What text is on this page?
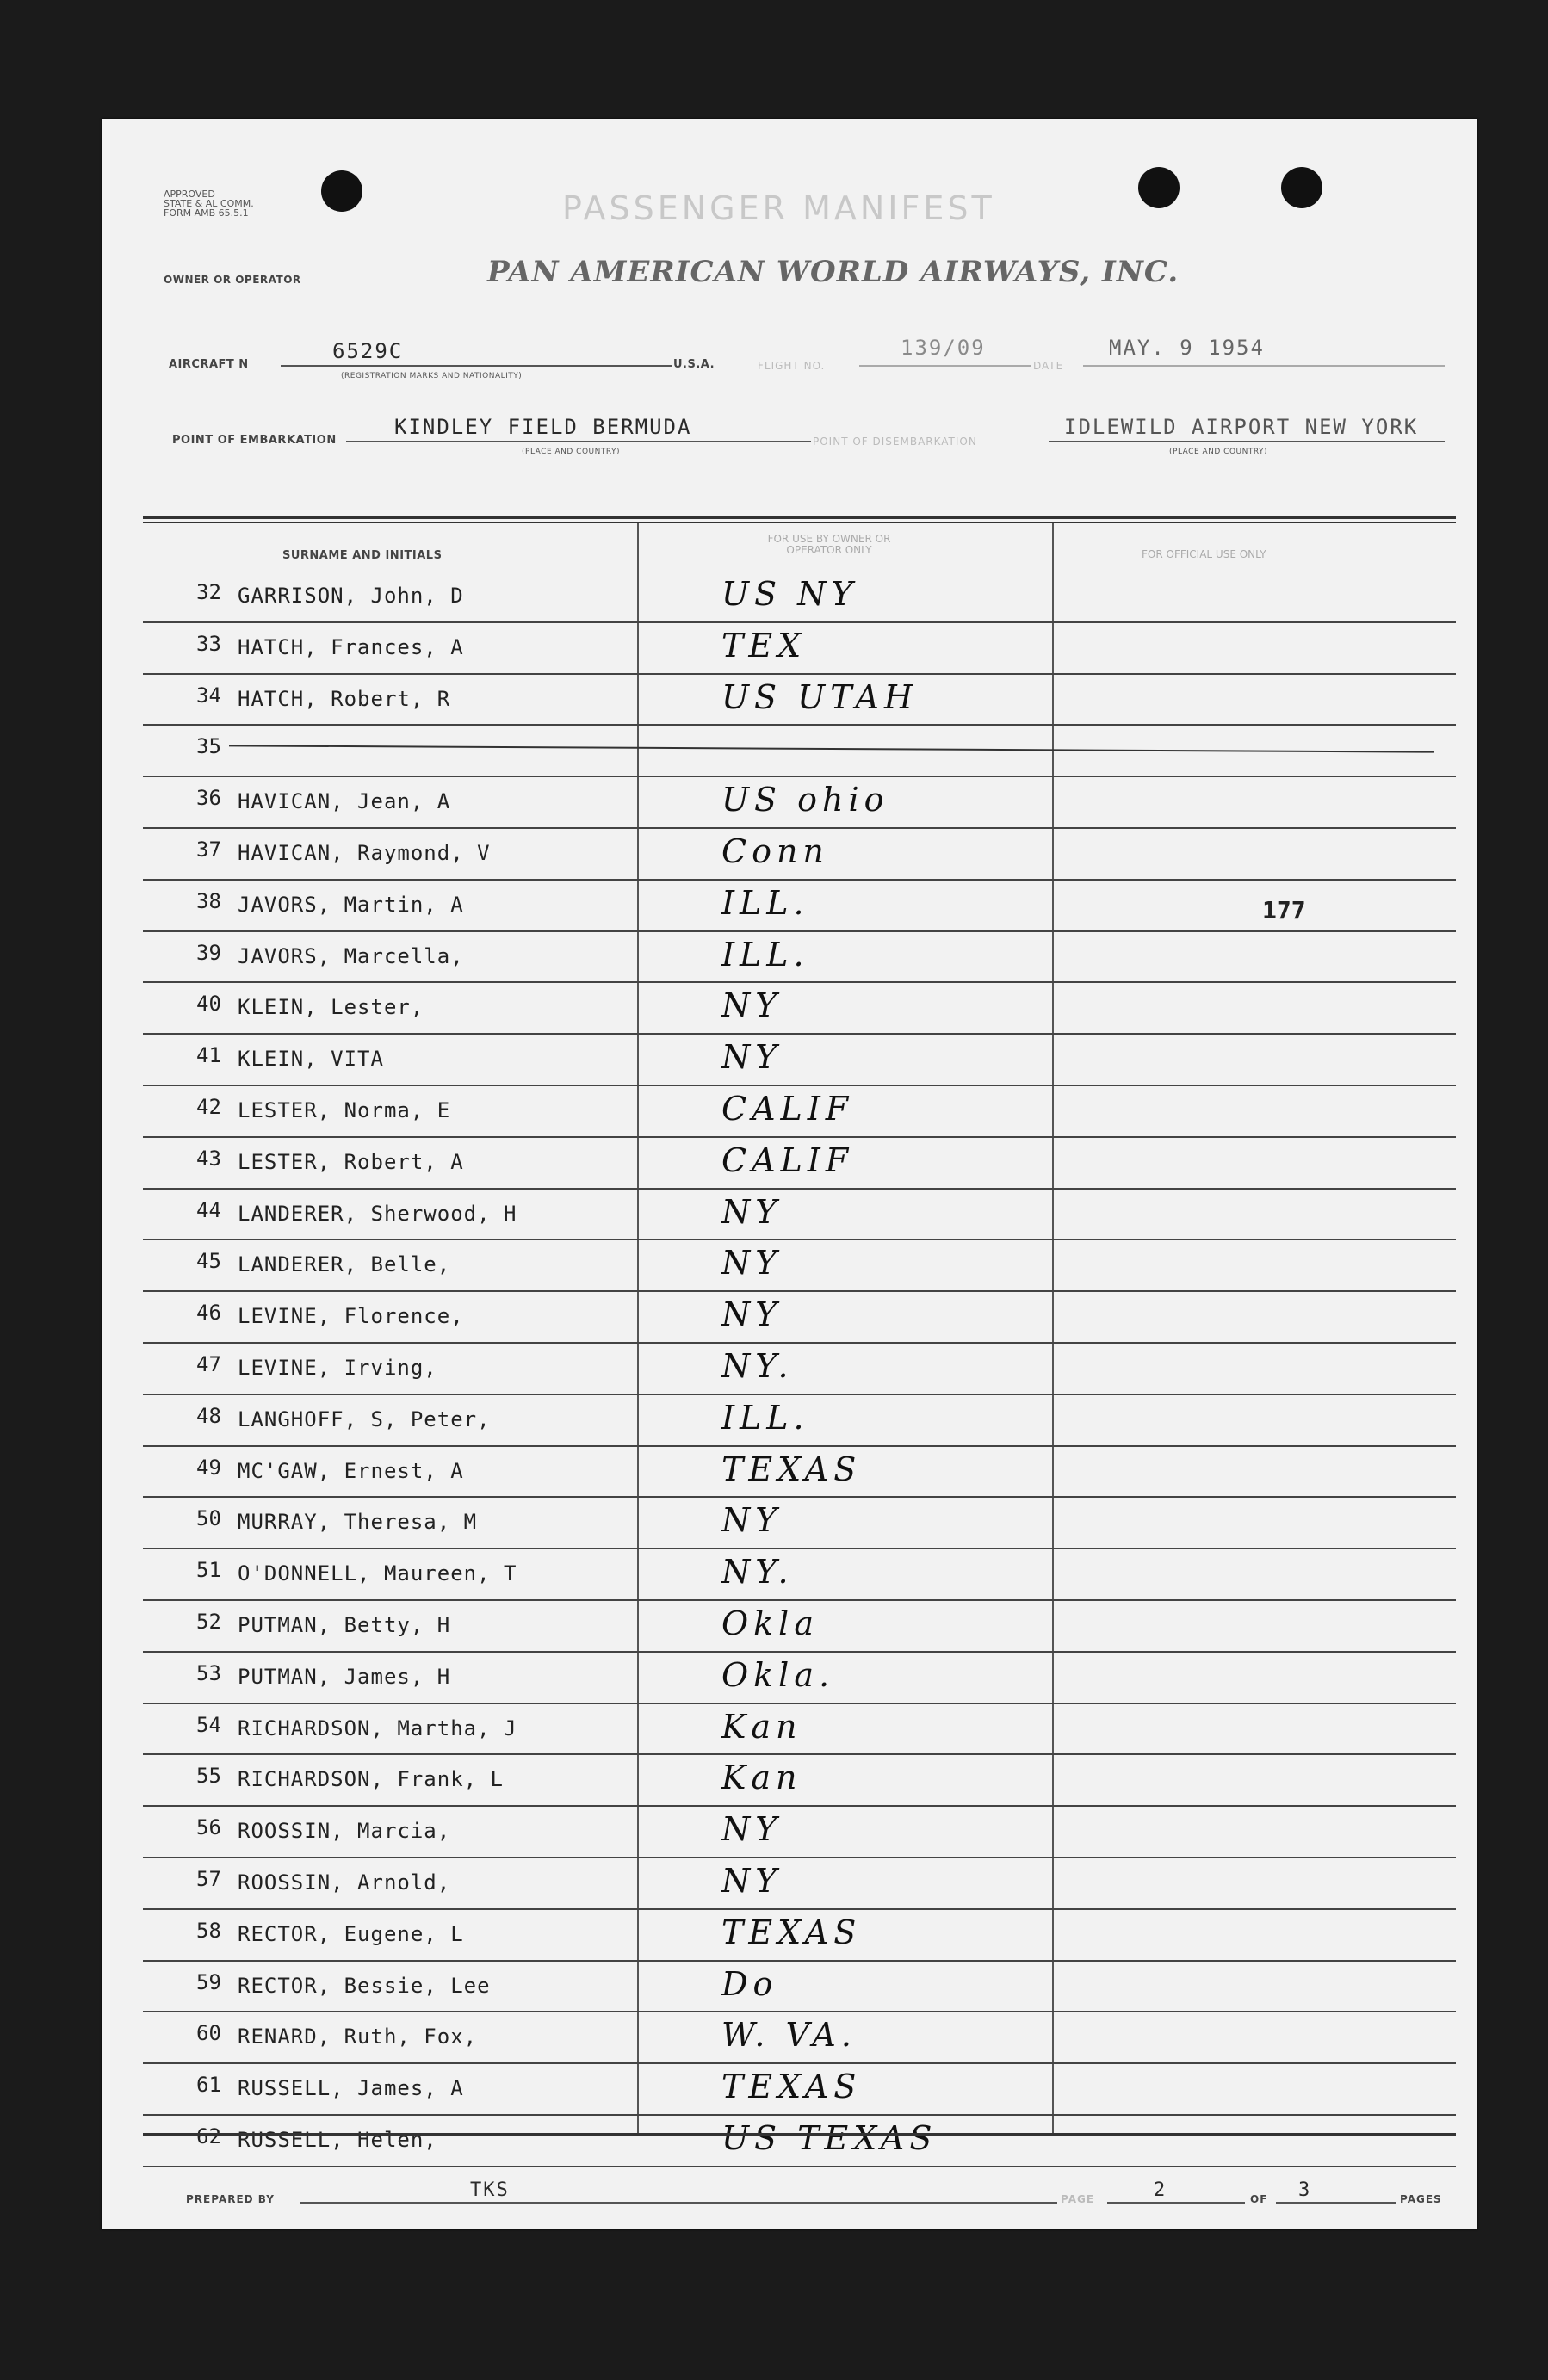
APPROVED
STATE & AL COMM.
FORM AMB 65.5.1	PASSENGER MANIFEST
OWNER OR OPERATOR	PAN AMERICAN WORLD AIRWAYS, INC.
AIRCRAFT N
6529C
(REGISTRATION MARKS AND NATIONALITY)
U.S.A.	FLIGHT NO.
139/09
DATE
MAY. 9 1954
POINT OF EMBARKATION
KINDLEY FIELD BERMUDA
(PLACE AND COUNTRY)
POINT OF DISEMBARKATION
IDLEWILD AIRPORT NEW YORK
(PLACE AND COUNTRY)
SURNAME AND INITIALS
FOR USE BY OWNER OR OPERATOR ONLY	FOR OFFICIAL USE ONLY
32 GARRISON, John, D	US NY
33 HATCH, Frances, A	TEX
34 HATCH, Robert, R	US UTAH
35
36 HAVICAN, Jean, A	US ohio
37 HAVICAN, Raymond, V	Conn
38 JAVORS, Martin, A	ILL.	177
39 JAVORS, Marcella,	ILL.
40 KLEIN, Lester,	NY
41 KLEIN, VITA	NY
42 LESTER, Norma, E	CALIF
43 LESTER, Robert, A	CALIF
44 LANDERER, Sherwood, H	NY
45 LANDERER, Belle,	NY
46 LEVINE, Florence,	NY
47 LEVINE, Irving,	NY.
48 LANGHOFF, S, Peter,	ILL.
49 MC'GAW, Ernest, A	TEXAS
50 MURRAY, Theresa, M	NY
51 O'DONNELL, Maureen, T	NY.
52 PUTMAN, Betty, H	Okla
53 PUTMAN, James, H	Okla.
54 RICHARDSON, Martha, J	Kan
55 RICHARDSON, Frank, L	Kan
56 ROOSSIN, Marcia,	NY
57 ROOSSIN, Arnold,	NY
58 RECTOR, Eugene, L	TEXAS
59 RECTOR, Bessie, Lee	Do
60 RENARD, Ruth, Fox,	W. VA.
61 RUSSELL, James, A	TEXAS
62 RUSSELL, Helen,	US TEXAS
PREPARED BY	TKS	PAGE	2	OF 3	PAGES
